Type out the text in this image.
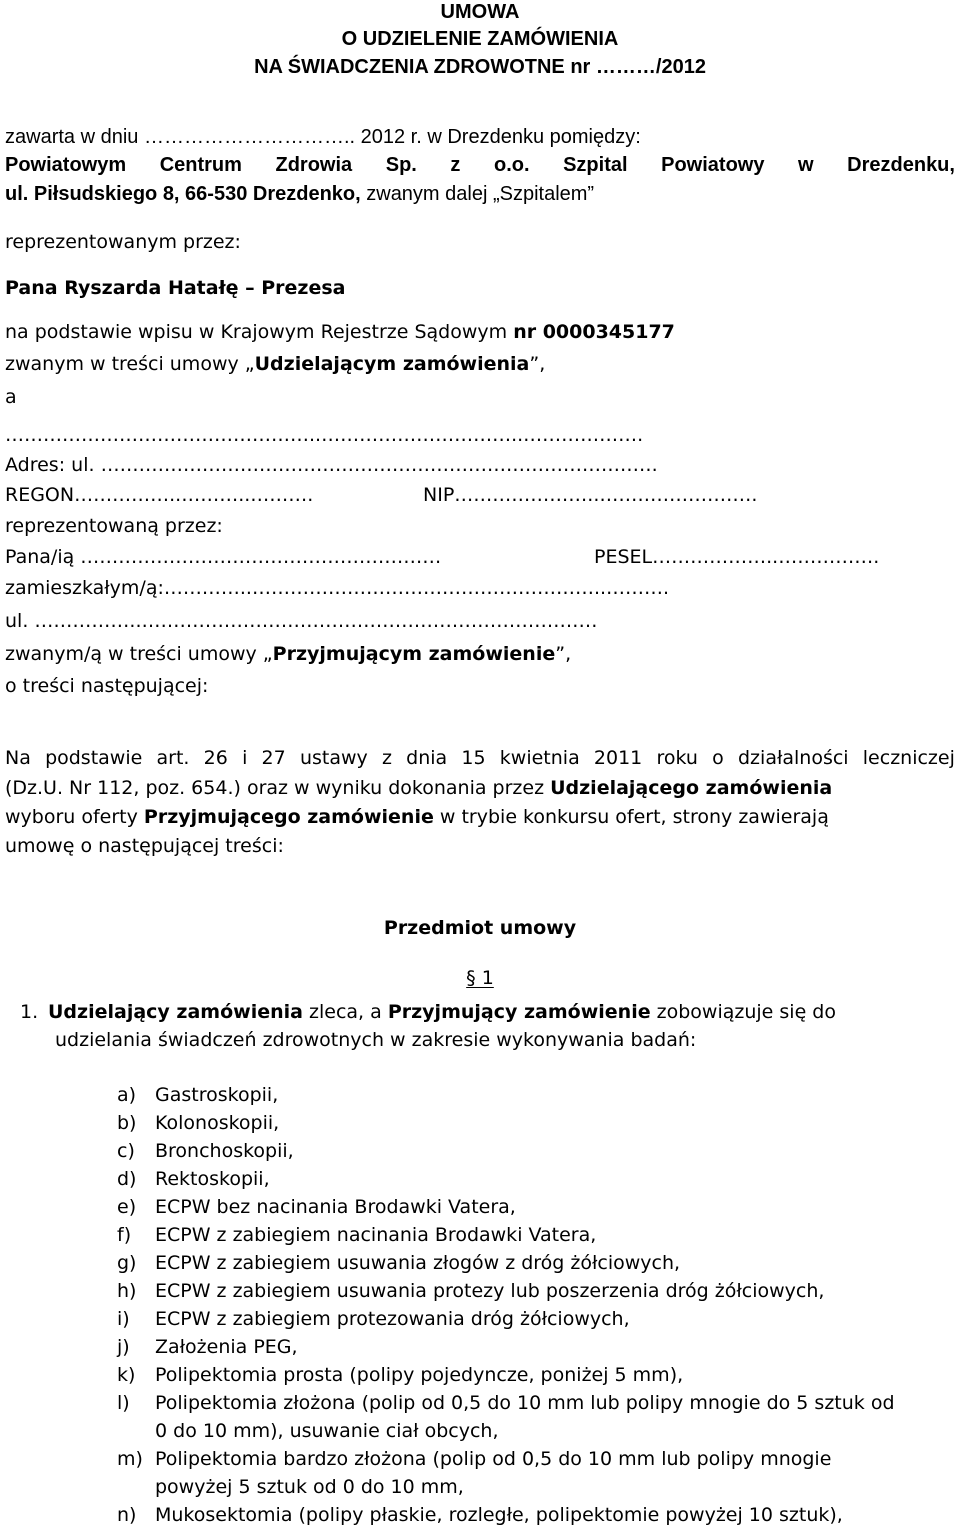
UMOWA
O UDZIELENIE ZAMÓWIENIA
NA ŚWIADCZENIA ZDROWOTNE nr ………/2012
zawarta w dniu ………………………….. 2012 r. w Drezdenku pomiędzy:
Powiatowym Centrum Zdrowia Sp. z o.o. Szpital Powiatowy w Drezdenku,
ul. Piłsudskiego 8, 66-530 Drezdenko, zwanym dalej „Szpitalem”
reprezentowanym przez:
Pana Ryszarda Hatałę – Prezesa
na podstawie wpisu w Krajowym Rejestrze Sądowym nr 0000345177
zwanym w treści umowy „Udzielającym zamówienia”,
a
…………………………………………..…………………………..……………….
Adres: ul. …………………………………………………………………………….
REGON……………..………..……….	NIP…………………..…………………….
reprezentowaną przez:
Pana/ią …………………………………………………	PESEL………………..…………….
zamieszkałym/ą:…………..………………………………………………..……….
ul. ……………..………………………………………………………………
zwanym/ą w treści umowy „Przyjmującym zamówienie”,
o treści następującej:
Na podstawie art. 26 i 27 ustawy z dnia 15 kwietnia 2011 roku o działalności leczniczej
(Dz.U. Nr 112, poz. 654.) oraz w wyniku dokonania przez Udzielającego zamówienia
wyboru oferty Przyjmującego zamówienie w trybie konkursu ofert, strony zawierają
umowę o następującej treści:
Przedmiot umowy
§ 1
1. Udzielający zamówienia zleca, a Przyjmujący zamówienie zobowiązuje się do
udzielania świadczeń zdrowotnych w zakresie wykonywania badań:
a) Gastroskopii,
b) Kolonoskopii,
c) Bronchoskopii,
d) Rektoskopii,
e) ECPW bez nacinania Brodawki Vatera,
f) ECPW z zabiegiem nacinania Brodawki Vatera,
g) ECPW z zabiegiem usuwania złogów z dróg żółciowych,
h) ECPW z zabiegiem usuwania protezy lub poszerzenia dróg żółciowych,
i) ECPW z zabiegiem protezowania dróg żółciowych,
j) Założenia PEG,
k) Polipektomia prosta (polipy pojedyncze, poniżej 5 mm),
l) Polipektomia złożona (polip od 0,5 do 10 mm lub polipy mnogie do 5 sztuk od
0 do 10 mm), usuwanie ciał obcych,
m) Polipektomia bardzo złożona (polip od 0,5 do 10 mm lub polipy mnogie
powyżej 5 sztuk od 0 do 10 mm,
n) Mukosektomia (polipy płaskie, rozległe, polipektomie powyżej 10 sztuk),
